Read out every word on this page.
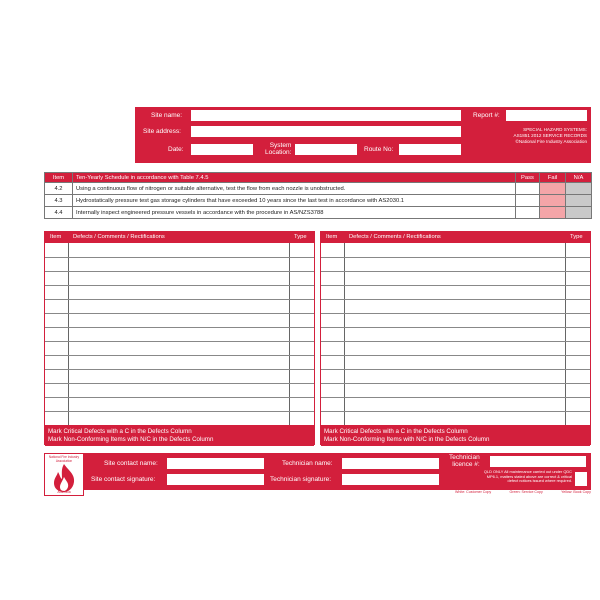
Site name:
Site address:
Date:
System
Location:	Route No:
Report #:
SPECIAL HAZARD SYSTEMS:
AS1851 2012 SERVICE RECORDS
©National Fire Industry Association
Item	Ten-Yearly Schedule in accordance with Table 7.4.5	Pass	Fail	N/A
4.2	Using a continuous flow of nitrogen or suitable alternative, test the flow from each nozzle is unobstructed.			
4.3	Hydrostatically pressure test gas storage cylinders that have exceeded 10 years since the last test in accordance with AS2030.1			
4.4	Internally inspect engineered pressure vessels in accordance with the procedure in AS/NZS3788			
Item Defects / Comments / Rectifications	Type
Mark Critical Defects with a C in the Defects Column
Mark Non-Conforming Items with N/C in the Defects Column
Item Defects / Comments / Rectifications	Type
Mark Critical Defects with a C in the Defects Column
Mark Non-Conforming Items with N/C in the Defects Column
Site contact name:
Site contact signature:
Technician name:
Technician signature:
Technician
licence #:
QLD ONLY All maintenance carried out under QDC
MP6.1, matters stated above are correct & critical
defect notices issued where required.
National Fire Industry
Association
Australia	White: Customer Copy	Green: Service Copy	Yellow: Book Copy
